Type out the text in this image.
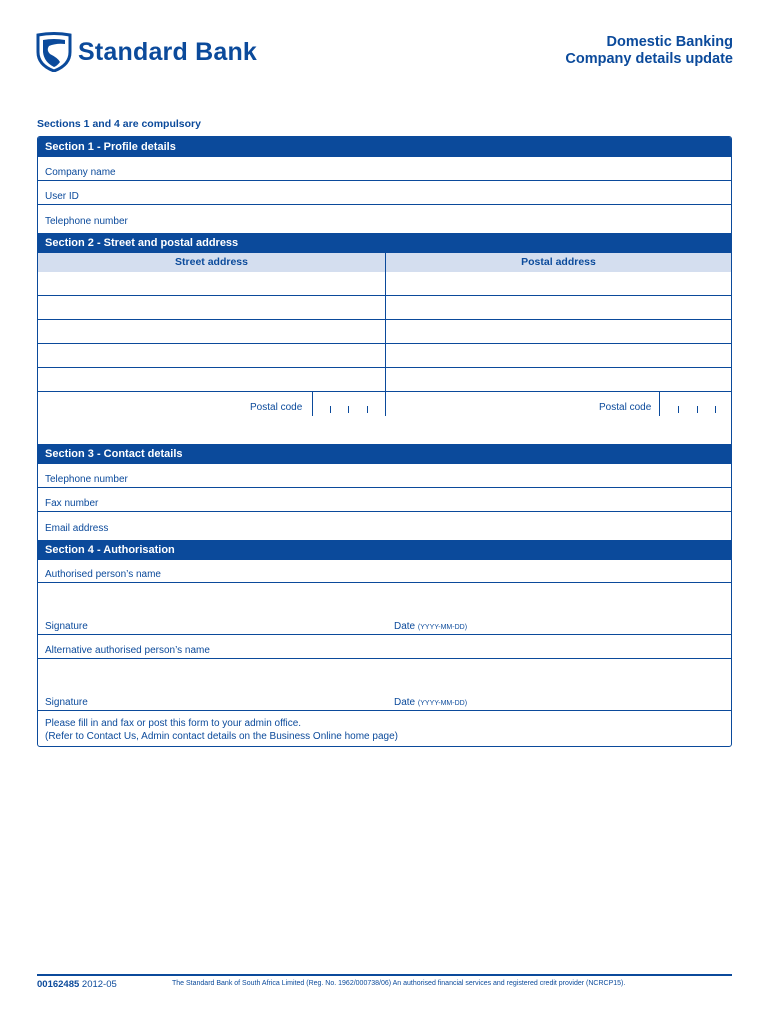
Standard Bank	Domestic Banking
Company details update
Sections 1 and 4 are compulsory
Section 1 - Profile details
Company name
User ID
Telephone number
Section 2 - Street and postal address
Street address	Postal address
Postal code	Postal code
Section 3 - Contact details
Telephone number
Fax number
Email address
Section 4 - Authorisation
Authorised person’s name
Signature	Date (YYYY-MM-DD)
Alternative authorised person’s name
Signature	Date (YYYY-MM-DD)
Please fill in and fax or post this form to your admin office.
(Refer to Contact Us, Admin contact details on the Business Online home page)
00162485 2012-05	The Standard Bank of South Africa Limited (Reg. No. 1962/000738/06) An authorised financial services and registered credit provider (NCRCP15).
